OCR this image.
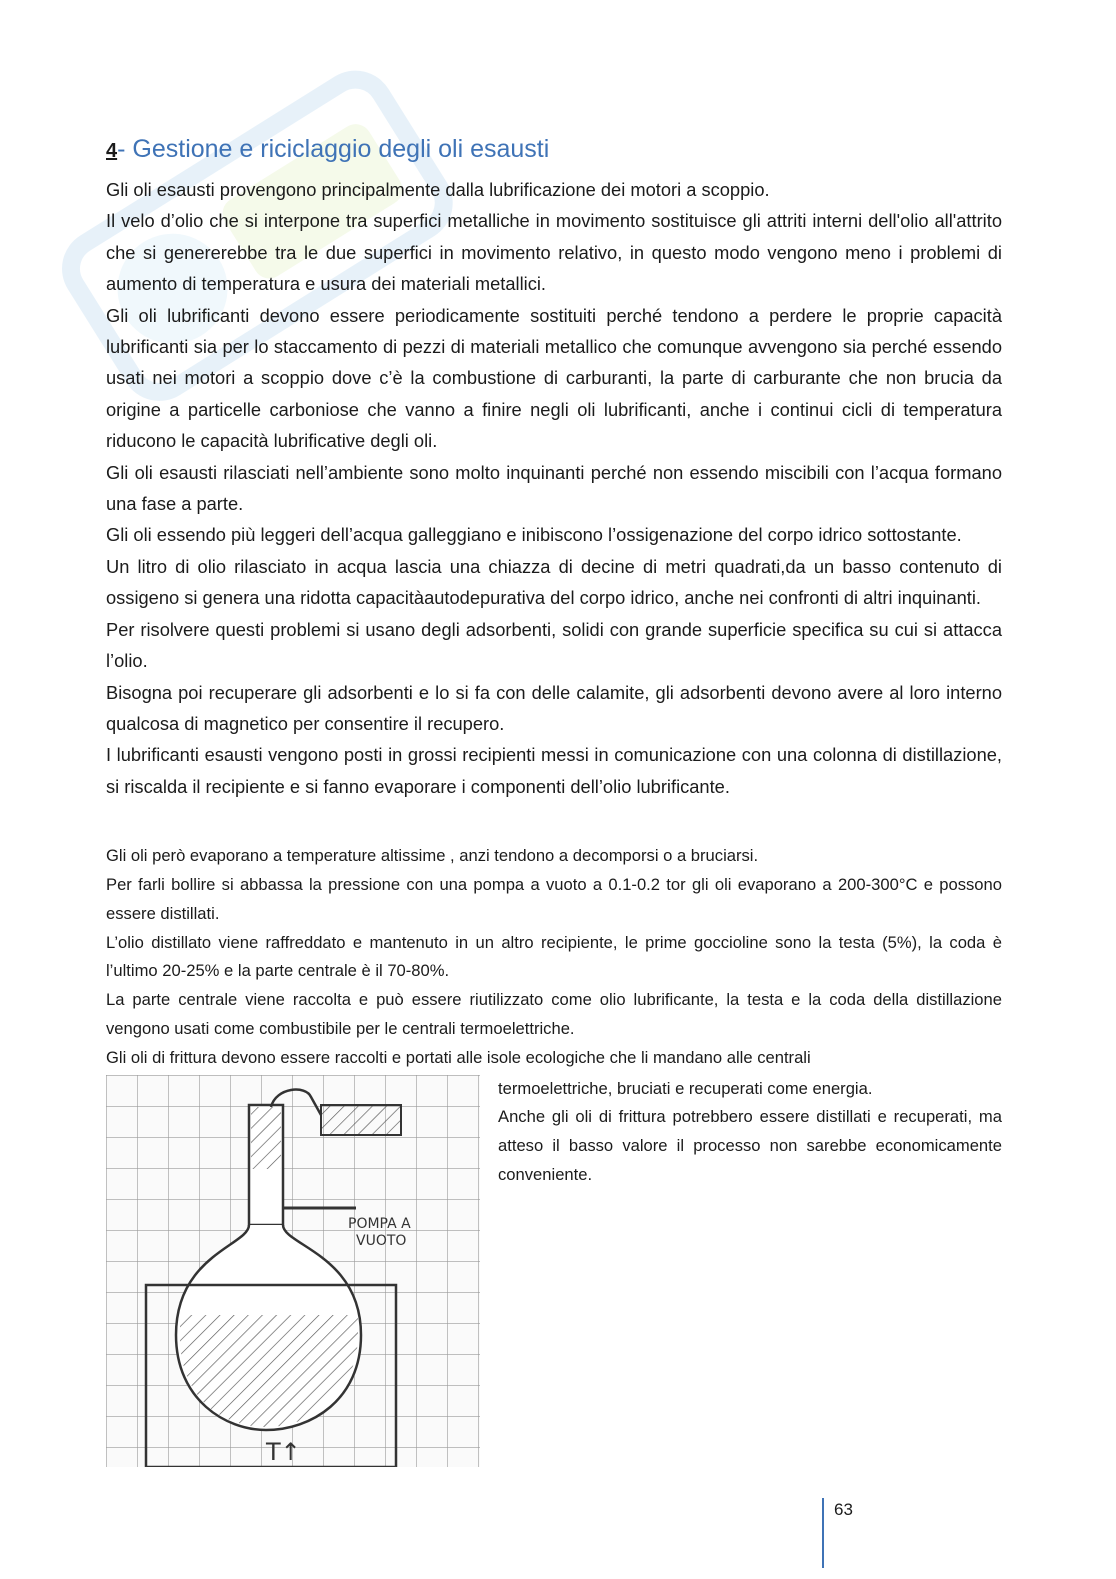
4- Gestione e riciclaggio degli oli esausti

Gli oli esausti provengono principalmente dalla lubrificazione dei motori a scoppio.

Il velo d’olio che si interpone tra superfici metalliche in movimento sostituisce gli attriti interni dell'olio all'attrito che si genererebbe tra le due superfici in movimento relativo, in questo modo vengono meno i problemi di aumento di temperatura e usura dei materiali metallici.

Gli oli lubrificanti devono essere periodicamente sostituiti perché tendono a perdere le proprie capacità lubrificanti sia per lo staccamento di pezzi di materiali metallico che comunque avvengono sia perché essendo usati nei motori a scoppio dove c’è la combustione di carburanti, la parte di carburante che non brucia da origine a particelle carboniose che vanno a finire negli oli lubrificanti, anche i continui cicli di temperatura riducono le capacità lubrificative degli oli.

Gli oli esausti rilasciati nell’ambiente sono molto inquinanti perché non essendo miscibili con l’acqua formano una fase a parte.

Gli oli essendo più leggeri dell’acqua galleggiano e inibiscono l’ossigenazione del corpo idrico sottostante.

Un litro di olio rilasciato in acqua lascia una chiazza di decine di metri quadrati,da un basso contenuto di ossigeno si genera una ridotta capacitàautodepurativa del corpo idrico, anche nei confronti di altri inquinanti.

Per risolvere questi problemi si usano degli adsorbenti, solidi con grande superficie specifica su cui si attacca l’olio.

Bisogna poi recuperare gli adsorbenti e lo si fa con delle calamite, gli adsorbenti devono avere al loro interno qualcosa di magnetico per consentire il recupero.

I lubrificanti esausti vengono posti in grossi recipienti messi in comunicazione con una colonna di distillazione, si riscalda il recipiente e si fanno evaporare i componenti dell’olio lubrificante.

Gli oli però evaporano a temperature altissime , anzi tendono a decomporsi o a bruciarsi.

Per farli bollire si abbassa la pressione con una pompa a vuoto a 0.1-0.2 tor gli oli evaporano a 200-300°C e possono essere distillati.

L’olio distillato viene raffreddato e mantenuto in un altro recipiente, le prime goccioline sono la testa (5%), la coda è l’ultimo 20-25% e la parte centrale è il 70-80%.

La parte centrale viene raccolta e può essere riutilizzato come olio lubrificante, la testa e la coda della distillazione vengono usati come combustibile per le centrali termoelettriche.

Gli oli di frittura devono essere raccolti e portati alle isole ecologiche che li mandano alle centrali

POMPA A
VUOTO
T↑

termoelettriche, bruciati e recuperati come energia.

Anche gli oli di frittura potrebbero essere distillati e recuperati, ma atteso il basso valore il processo non sarebbe economicamente conveniente.

63
